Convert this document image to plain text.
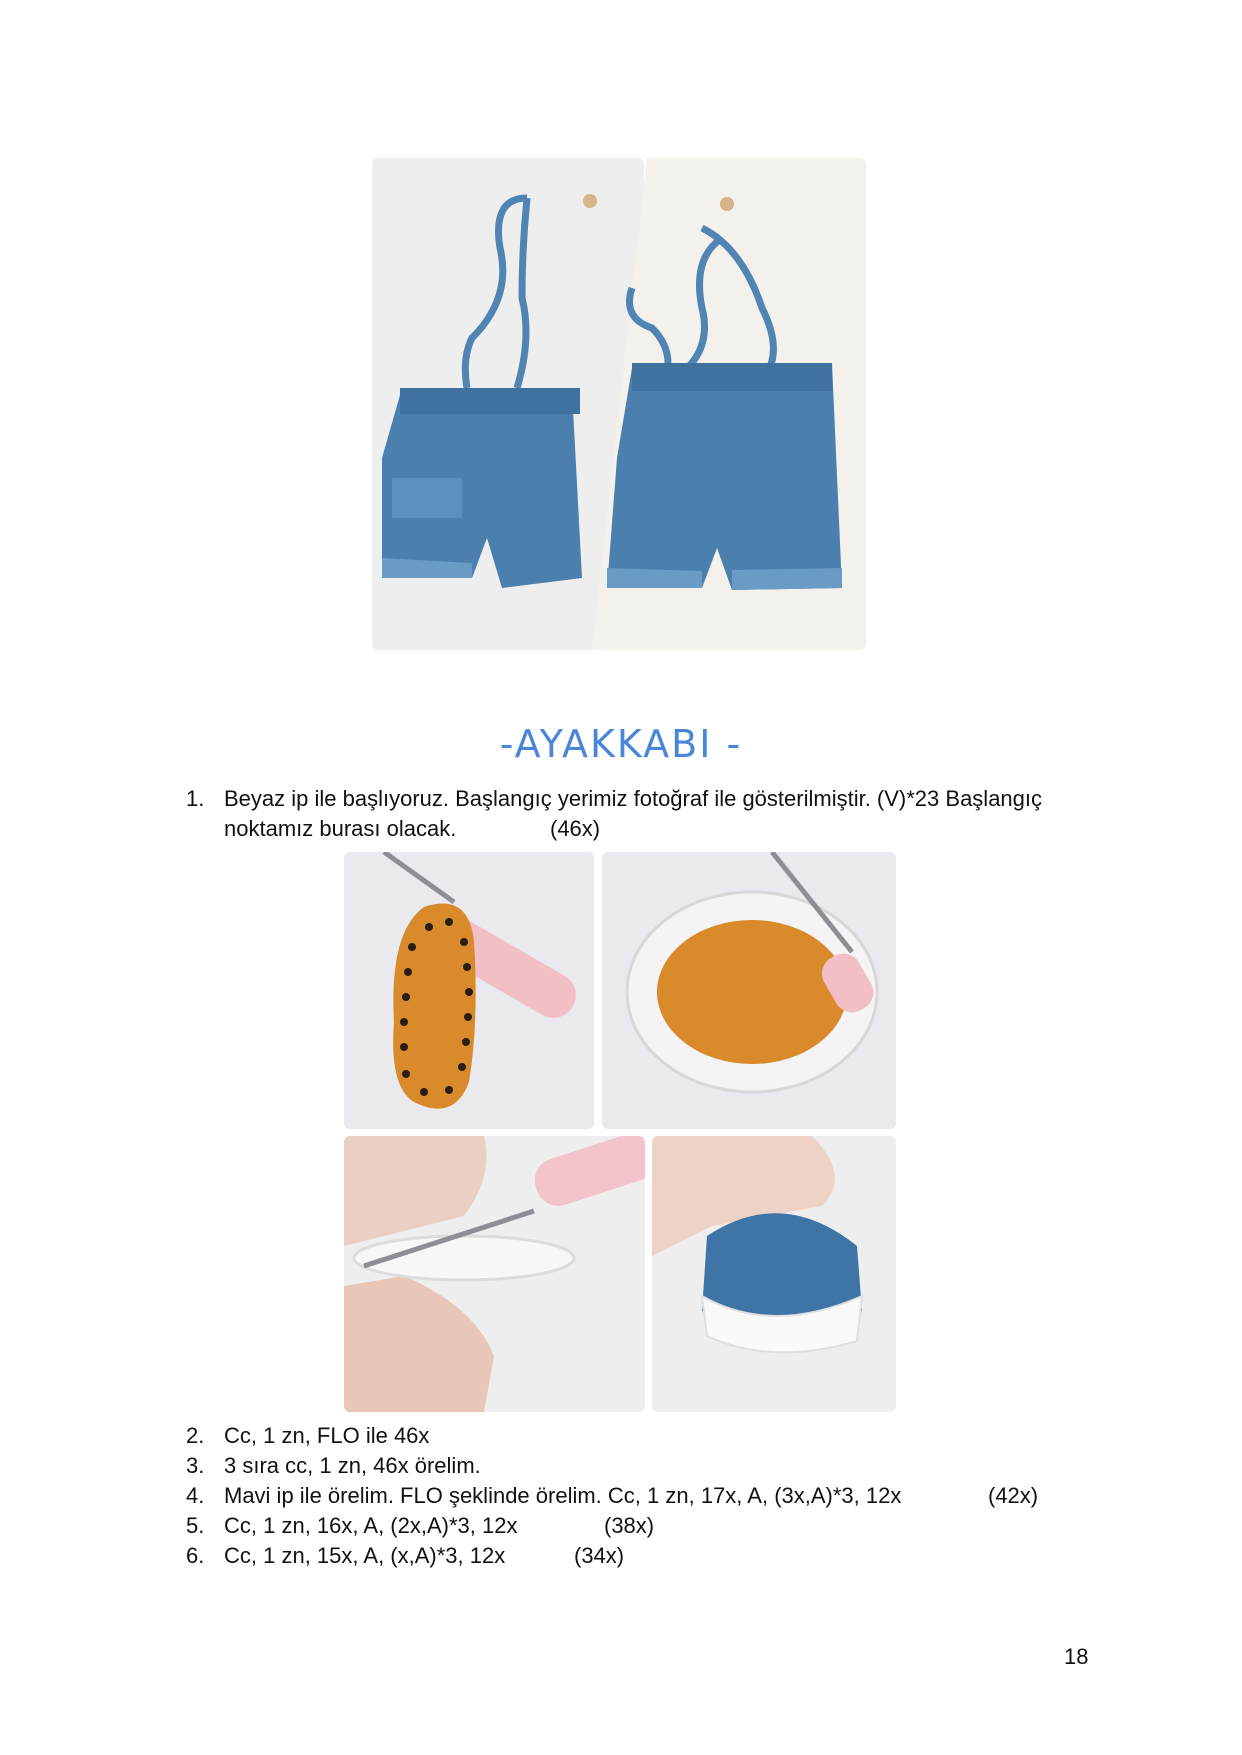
-AYAKKABI -
1. Beyaz ip ile başlıyoruz. Başlangıç yerimiz fotoğraf ile gösterilmiştir. (V)*23 Başlangıç
noktamız burası olacak.	(46x)
2. Cc, 1 zn, FLO ile 46x
3. 3 sıra cc, 1 zn, 46x örelim.
4. Mavi ip ile örelim. FLO şeklinde örelim. Cc, 1 zn, 17x, A, (3x,A)*3, 12x	(42x)
5. Cc, 1 zn, 16x, A, (2x,A)*3, 12x	(38x)
6. Cc, 1 zn, 15x, A, (x,A)*3, 12x	(34x)
18
